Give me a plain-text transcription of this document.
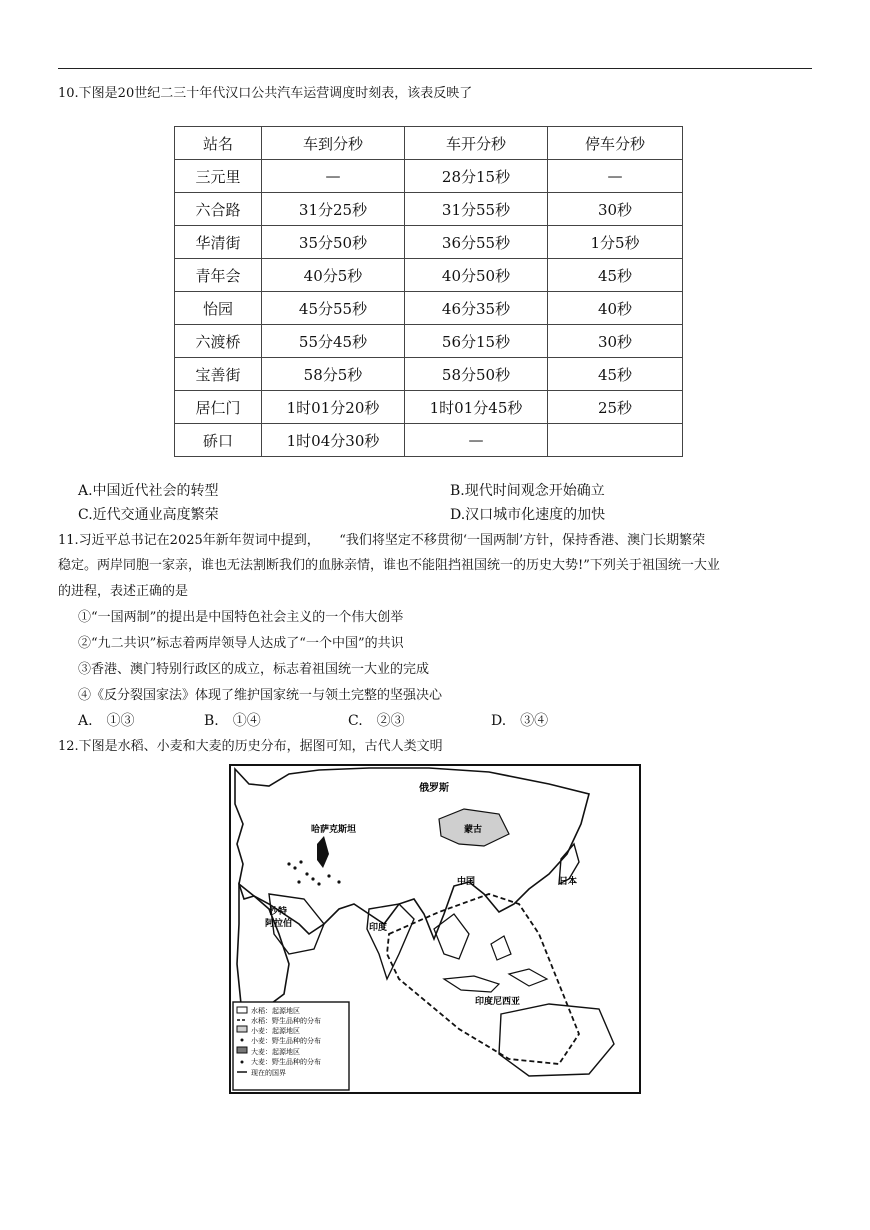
10.下图是20世纪二三十年代汉口公共汽车运营调度时刻表，该表反映了
站名	车到分秒	车开分秒	停车分秒
三元里	—	28分15秒	—
六合路	31分25秒	31分55秒	30秒
华清街	35分50秒	36分55秒	1分5秒
青年会	40分5秒	40分50秒	45秒
怡园	45分55秒	46分35秒	40秒
六渡桥	55分45秒	56分15秒	30秒
宝善街	58分5秒	58分50秒	45秒
居仁门	1时01分20秒	1时01分45秒	25秒
硚口	1时04分30秒	—	
A.中国近代社会的转型	B.现代时间观念开始确立
C.近代交通业高度繁荣	D.汉口城市化速度的加快
11.习近平总书记在2025年新年贺词中提到，　　“我们将坚定不移贯彻‘一国两制’方针，保持香港、澳门长期繁荣
稳定。两岸同胞一家亲，谁也无法割断我们的血脉亲情，谁也不能阻挡祖国统一的历史大势!”下列关于祖国统一大业
的进程，表述正确的是
①“一国两制”的提出是中国特色社会主义的一个伟大创举
②“九二共识”标志着两岸领导人达成了“一个中国”的共识
③香港、澳门特别行政区的成立，标志着祖国统一大业的完成
④《反分裂国家法》体现了维护国家统一与领土完整的坚强决心
A.　①③	B.　①④	C.　②③	D.　③④
12.下图是水稻、小麦和大麦的历史分布，据图可知，古代人类文明
俄罗斯
哈萨克斯坦	蒙古
中国	日本
沙特阿拉伯	印度
印度尼西亚
水稻：起源地区
水稻：野生品种的分布
小麦：起源地区
小麦：野生品种的分布
大麦：起源地区
大麦：野生品种的分布
现在的国界
